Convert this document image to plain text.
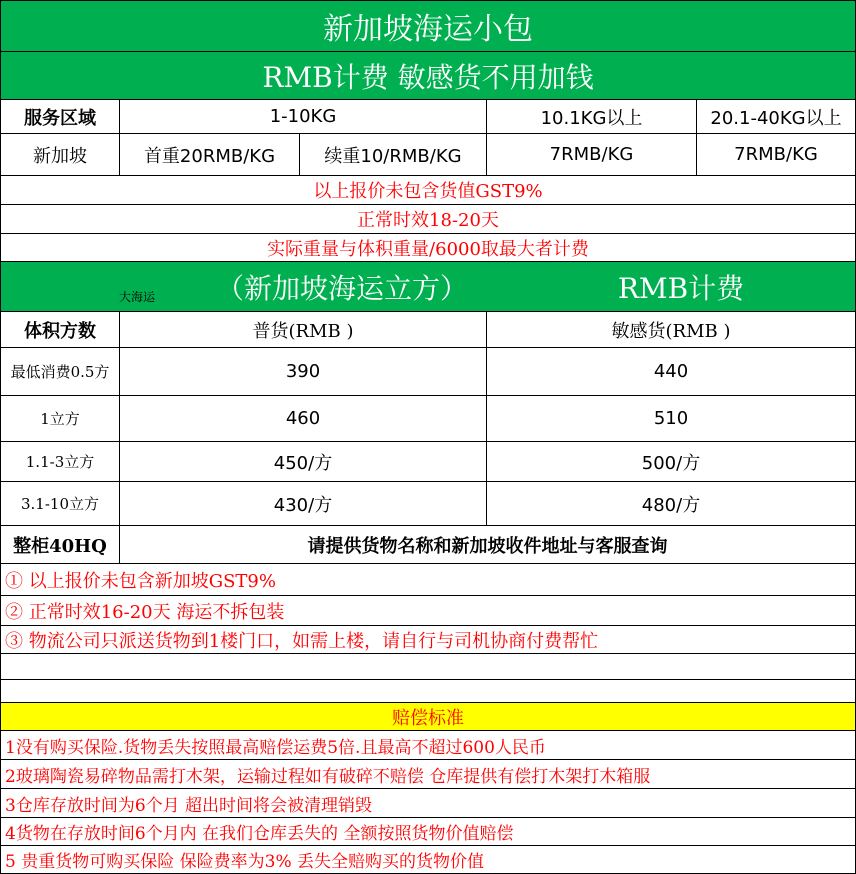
新加坡海运小包
RMB计费 敏感货不用加钱
服务区域	1-10KG	10.1KG以上	20.1-40KG以上
新加坡	首重20RMB/KG	续重10/RMB/KG	7RMB/KG	7RMB/KG
以上报价未包含货值GST9%
正常时效18-20天
实际重量与体积重量/6000取最大者计费
大海运	（新加坡海运立方）	RMB计费
体积方数	普货(RMB )	敏感货(RMB )
最低消费0.5方	390	440
1立方	460	510
1.1-3立方	450/方	500/方
3.1-10立方	430/方	480/方
整柜40HQ	请提供货物名称和新加坡收件地址与客服查询
① 以上报价未包含新加坡GST9%
② 正常时效16-20天 海运不拆包装
③ 物流公司只派送货物到1楼门口，如需上楼，请自行与司机协商付费帮忙
赔偿标准
1没有购买保险.货物丢失按照最高赔偿运费5倍.且最高不超过600人民币
2玻璃陶瓷易碎物品需打木架，运输过程如有破碎不赔偿 仓库提供有偿打木架打木箱服
3仓库存放时间为6个月 超出时间将会被清理销毁
4货物在存放时间6个月内 在我们仓库丢失的 全额按照货物价值赔偿
5 贵重货物可购买保险 保险费率为3% 丢失全赔购买的货物价值
